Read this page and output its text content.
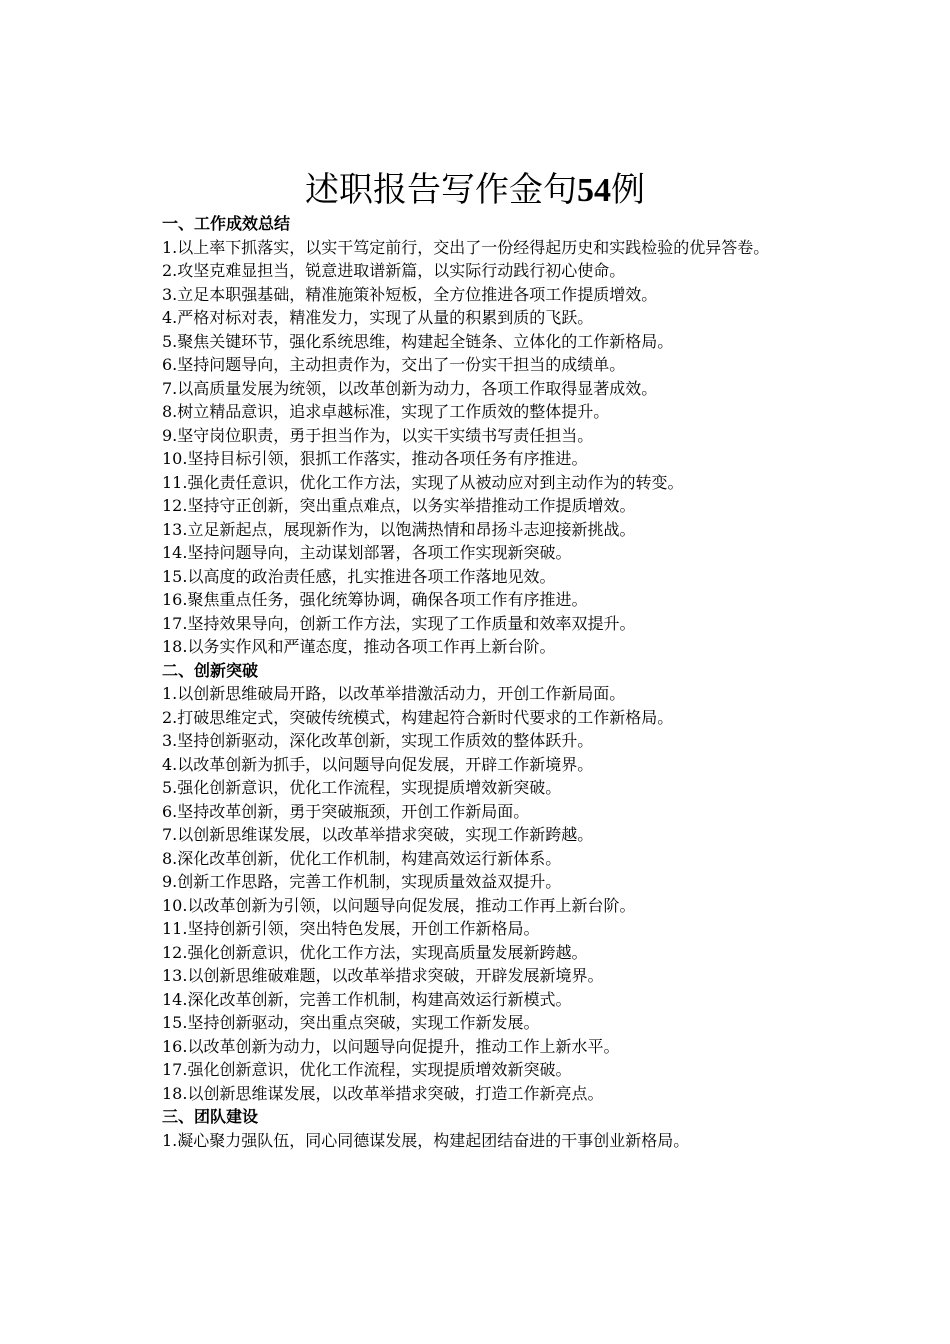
述职报告写作金句54例
一、工作成效总结
1.以上率下抓落实，以实干笃定前行，交出了一份经得起历史和实践检验的优异答卷。
2.攻坚克难显担当，锐意进取谱新篇，以实际行动践行初心使命。
3.立足本职强基础，精准施策补短板，全方位推进各项工作提质增效。
4.严格对标对表，精准发力，实现了从量的积累到质的飞跃。
5.聚焦关键环节，强化系统思维，构建起全链条、立体化的工作新格局。
6.坚持问题导向，主动担责作为，交出了一份实干担当的成绩单。
7.以高质量发展为统领，以改革创新为动力，各项工作取得显著成效。
8.树立精品意识，追求卓越标准，实现了工作质效的整体提升。
9.坚守岗位职责，勇于担当作为，以实干实绩书写责任担当。
10.坚持目标引领，狠抓工作落实，推动各项任务有序推进。
11.强化责任意识，优化工作方法，实现了从被动应对到主动作为的转变。
12.坚持守正创新，突出重点难点，以务实举措推动工作提质增效。
13.立足新起点，展现新作为，以饱满热情和昂扬斗志迎接新挑战。
14.坚持问题导向，主动谋划部署，各项工作实现新突破。
15.以高度的政治责任感，扎实推进各项工作落地见效。
16.聚焦重点任务，强化统筹协调，确保各项工作有序推进。
17.坚持效果导向，创新工作方法，实现了工作质量和效率双提升。
18.以务实作风和严谨态度，推动各项工作再上新台阶。
二、创新突破
1.以创新思维破局开路，以改革举措激活动力，开创工作新局面。
2.打破思维定式，突破传统模式，构建起符合新时代要求的工作新格局。
3.坚持创新驱动，深化改革创新，实现工作质效的整体跃升。
4.以改革创新为抓手，以问题导向促发展，开辟工作新境界。
5.强化创新意识，优化工作流程，实现提质增效新突破。
6.坚持改革创新，勇于突破瓶颈，开创工作新局面。
7.以创新思维谋发展，以改革举措求突破，实现工作新跨越。
8.深化改革创新，优化工作机制，构建高效运行新体系。
9.创新工作思路，完善工作机制，实现质量效益双提升。
10.以改革创新为引领，以问题导向促发展，推动工作再上新台阶。
11.坚持创新引领，突出特色发展，开创工作新格局。
12.强化创新意识，优化工作方法，实现高质量发展新跨越。
13.以创新思维破难题，以改革举措求突破，开辟发展新境界。
14.深化改革创新，完善工作机制，构建高效运行新模式。
15.坚持创新驱动，突出重点突破，实现工作新发展。
16.以改革创新为动力，以问题导向促提升，推动工作上新水平。
17.强化创新意识，优化工作流程，实现提质增效新突破。
18.以创新思维谋发展，以改革举措求突破，打造工作新亮点。
三、团队建设
1.凝心聚力强队伍，同心同德谋发展，构建起团结奋进的干事创业新格局。
